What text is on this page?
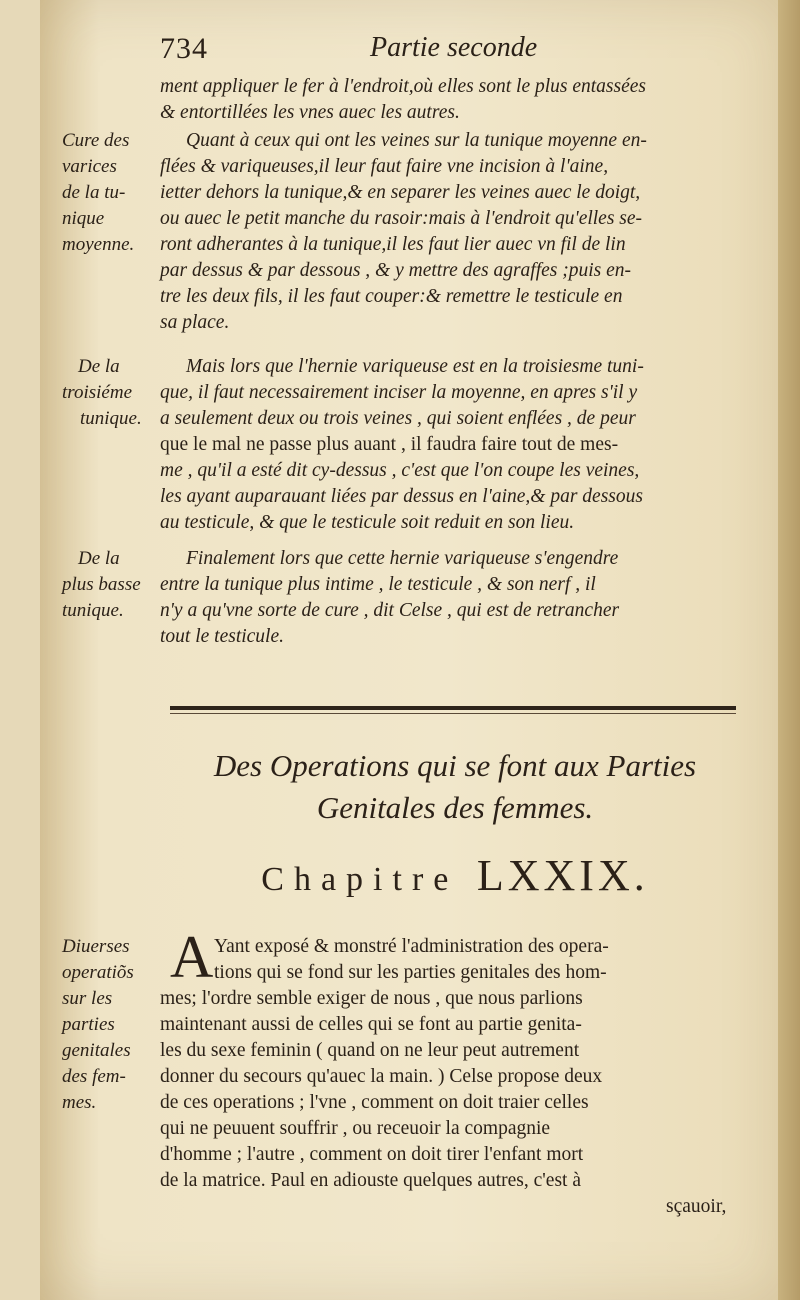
734	Partie seconde
ment appliquer le fer à l'endroit,où elles sont le plus entassées
& entortillées les vnes auec les autres.
Cure des
varices
de la tu-
nique
moyenne.
Quant à ceux qui ont les veines sur la tunique moyenne en-
flées & variqueuses,il leur faut faire vne incision à l'aine,
ietter dehors la tunique,& en separer les veines auec le doigt,
ou auec le petit manche du rasoir:mais à l'endroit qu'elles se-
ront adherantes à la tunique,il les faut lier auec vn fil de lin
par dessus & par dessous , & y mettre des agraffes ;puis en-
tre les deux fils, il les faut couper:& remettre le testicule en
sa place.
De la
troisiéme
tunique.
Mais lors que l'hernie variqueuse est en la troisiesme tuni-
que, il faut necessairement inciser la moyenne, en apres s'il y
a seulement deux ou trois veines , qui soient enflées , de peur
que le mal ne passe plus auant , il faudra faire tout de mes-
me , qu'il a esté dit cy-dessus , c'est que l'on coupe les veines,
les ayant auparauant liées par dessus en l'aine,& par dessous
au testicule, & que le testicule soit reduit en son lieu.
De la
plus basse
tunique.
Finalement lors que cette hernie variqueuse s'engendre
entre la tunique plus intime , le testicule , & son nerf , il
n'y a qu'vne sorte de cure , dit Celse , qui est de retrancher
tout le testicule.
Des Operations qui se font aux Parties
Genitales des femmes.
Chapitre LXXIX.
Diuerses
operatiõs
sur les
parties
genitales
des fem-
mes.
A Yant exposé & monstré l'administration des opera-
tions qui se fond sur les parties genitales des hom-
mes; l'ordre semble exiger de nous , que nous parlions
maintenant aussi de celles qui se font au partie genita-
les du sexe feminin ( quand on ne leur peut autrement
donner du secours qu'auec la main. ) Celse propose deux
de ces operations ; l'vne , comment on doit traier celles
qui ne peuuent souffrir , ou receuoir la compagnie
d'homme ; l'autre , comment on doit tirer l'enfant mort
de la matrice. Paul en adiouste quelques autres, c'est à
sçauoir,
